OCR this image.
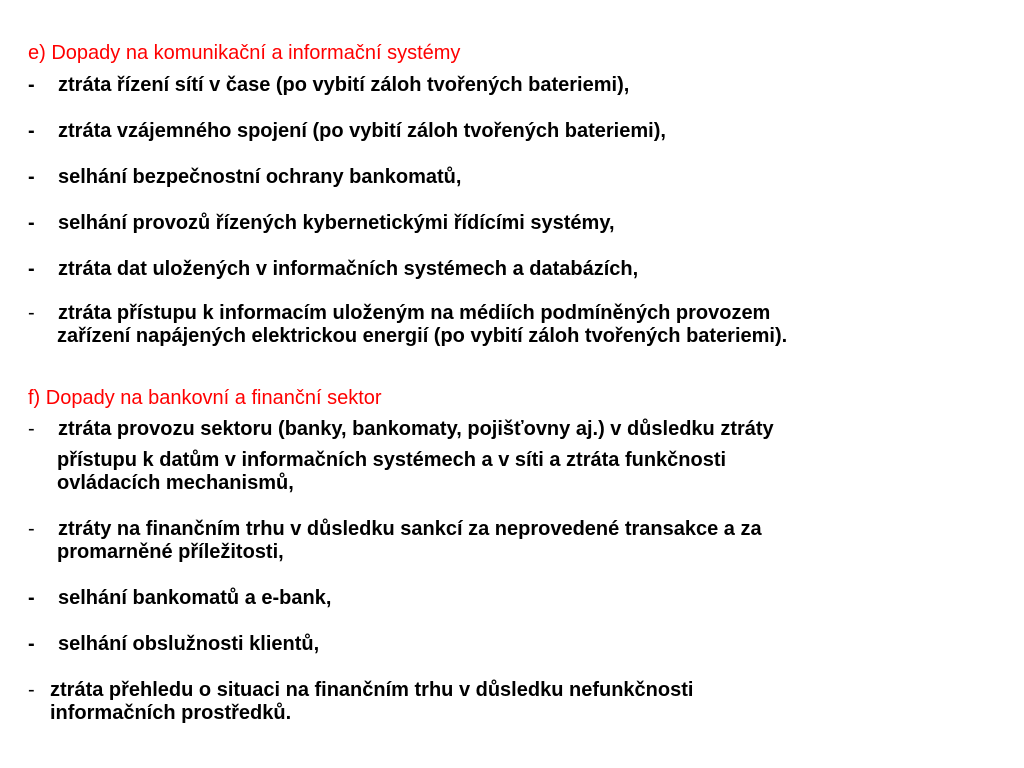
e) Dopady na komunikační a informační systémy
- ztráta řízení sítí v čase (po vybití záloh tvořených bateriemi),
- ztráta vzájemného spojení (po vybití záloh tvořených bateriemi),
- selhání bezpečnostní ochrany bankomatů,
- selhání provozů řízených kybernetickými řídícími systémy,
- ztráta dat uložených v informačních systémech a databázích,
- ztráta přístupu k informacím uloženým na médiích podmíněných provozem
zařízení napájených elektrickou energií (po vybití záloh tvořených bateriemi).
f) Dopady na bankovní a finanční sektor
- ztráta provozu sektoru (banky, bankomaty, pojišťovny aj.) v důsledku ztráty
přístupu k datům v informačních systémech a v síti a ztráta funkčnosti
ovládacích mechanismů,
- ztráty na finančním trhu v důsledku sankcí za neprovedené transakce a za
promarněné příležitosti,
- selhání bankomatů a e-bank,
- selhání obslužnosti klientů,
- ztráta přehledu o situaci na finančním trhu v důsledku nefunkčnosti
informačních prostředků.
